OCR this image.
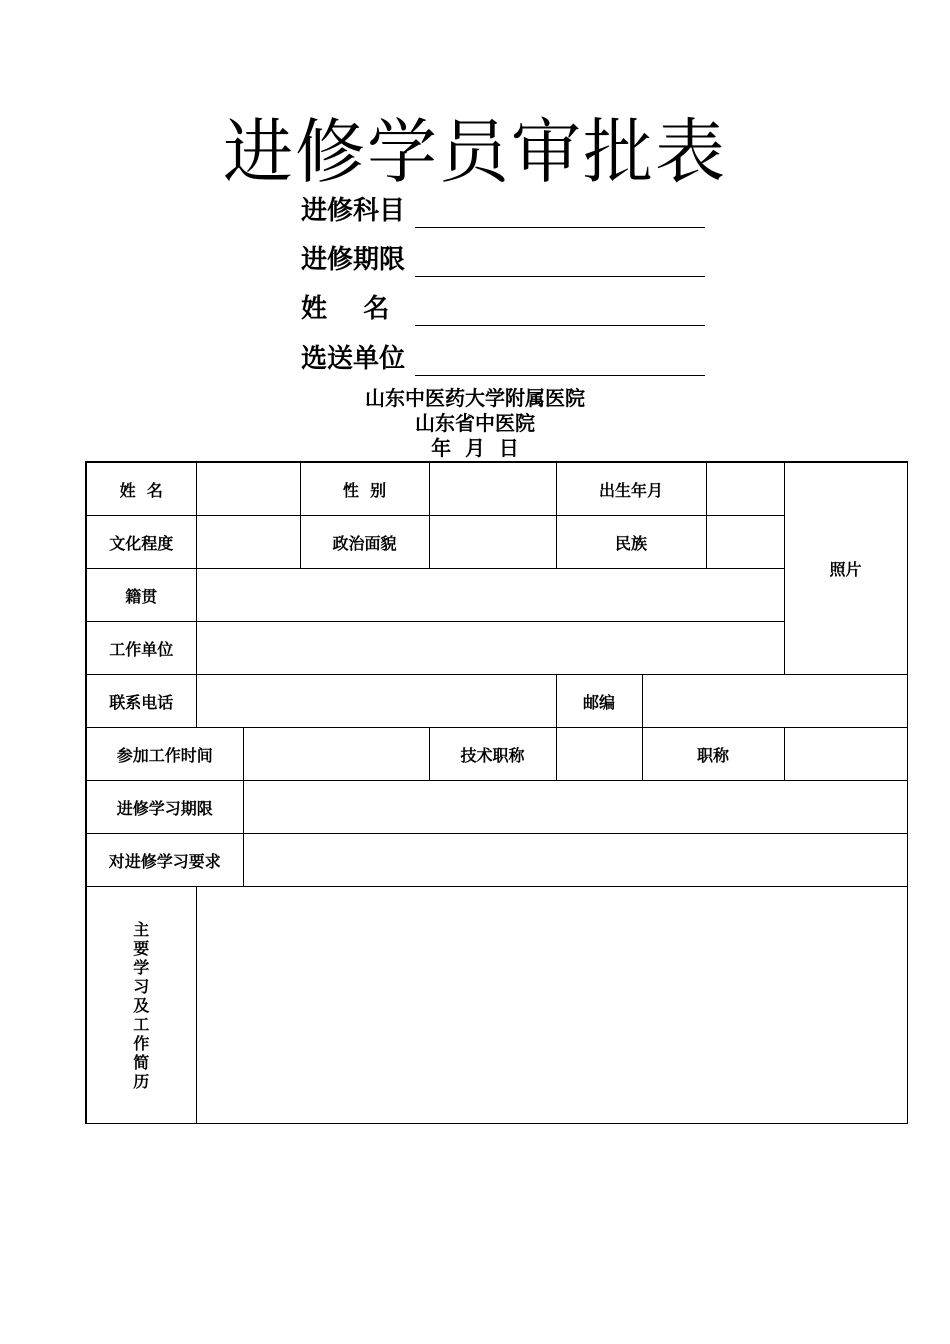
进修学员审批表
进修科目
进修期限
姓    名
选送单位
山东中医药大学附属医院
山东省中医院
年  月  日
姓  名			性  别		出生年月			照片
文化程度			政治面貌		民族			
籍贯								
工作单位								
联系电话					邮编			
参加工作时间				技术职称		职称		
进修学习期限								
对进修学习要求								
主要学习及工作简历								
